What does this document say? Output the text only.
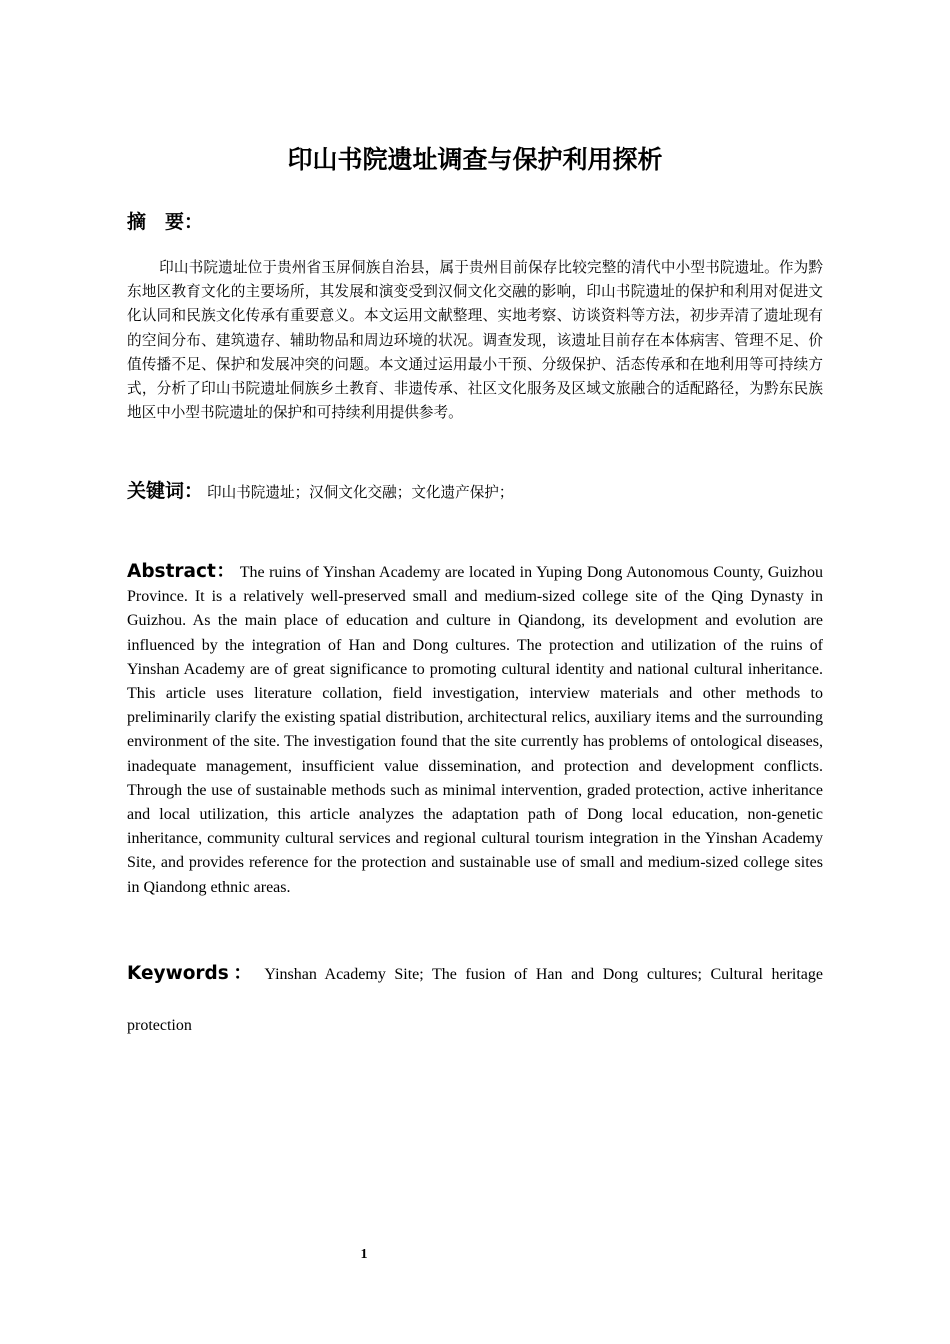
印山书院遗址调查与保护利用探析
摘　要：

印山书院遗址位于贵州省玉屏侗族自治县，属于贵州目前保存比较完整的清代中小型书院遗址。作为黔东地区教育文化的主要场所，其发展和演变受到汉侗文化交融的影响，印山书院遗址的保护和利用对促进文化认同和民族文化传承有重要意义。本文运用文献整理、实地考察、访谈资料等方法，初步弄清了遗址现有的空间分布、建筑遗存、辅助物品和周边环境的状况。调查发现，该遗址目前存在本体病害、管理不足、价值传播不足、保护和发展冲突的问题。本文通过运用最小干预、分级保护、活态传承和在地利用等可持续方式，分析了印山书院遗址侗族乡土教育、非遗传承、社区文化服务及区域文旅融合的适配路径，为黔东民族地区中小型书院遗址的保护和可持续利用提供参考。

关键词： 印山书院遗址；汉侗文化交融；文化遗产保护；

Abstract： The ruins of Yinshan Academy are located in Yuping Dong Autonomous County, Guizhou Province. It is a relatively well-preserved small and medium-sized college site of the Qing Dynasty in Guizhou. As the main place of education and culture in Qiandong, its development and evolution are influenced by the integration of Han and Dong cultures. The protection and utilization of the ruins of Yinshan Academy are of great significance to promoting cultural identity and national cultural inheritance. This article uses literature collation, field investigation, interview materials and other methods to preliminarily clarify the existing spatial distribution, architectural relics, auxiliary items and the surrounding environment of the site. The investigation found that the site currently has problems of ontological diseases, inadequate management, insufficient value dissemination, and protection and development conflicts. Through the use of sustainable methods such as minimal intervention, graded protection, active inheritance and local utilization, this article analyzes the adaptation path of Dong local education, non-genetic inheritance, community cultural services and regional cultural tourism integration in the Yinshan Academy Site, and provides reference for the protection and sustainable use of small and medium-sized college sites in Qiandong ethnic areas.

Keywords： Yinshan Academy Site; The fusion of Han and Dong cultures; Cultural heritage protection

1
